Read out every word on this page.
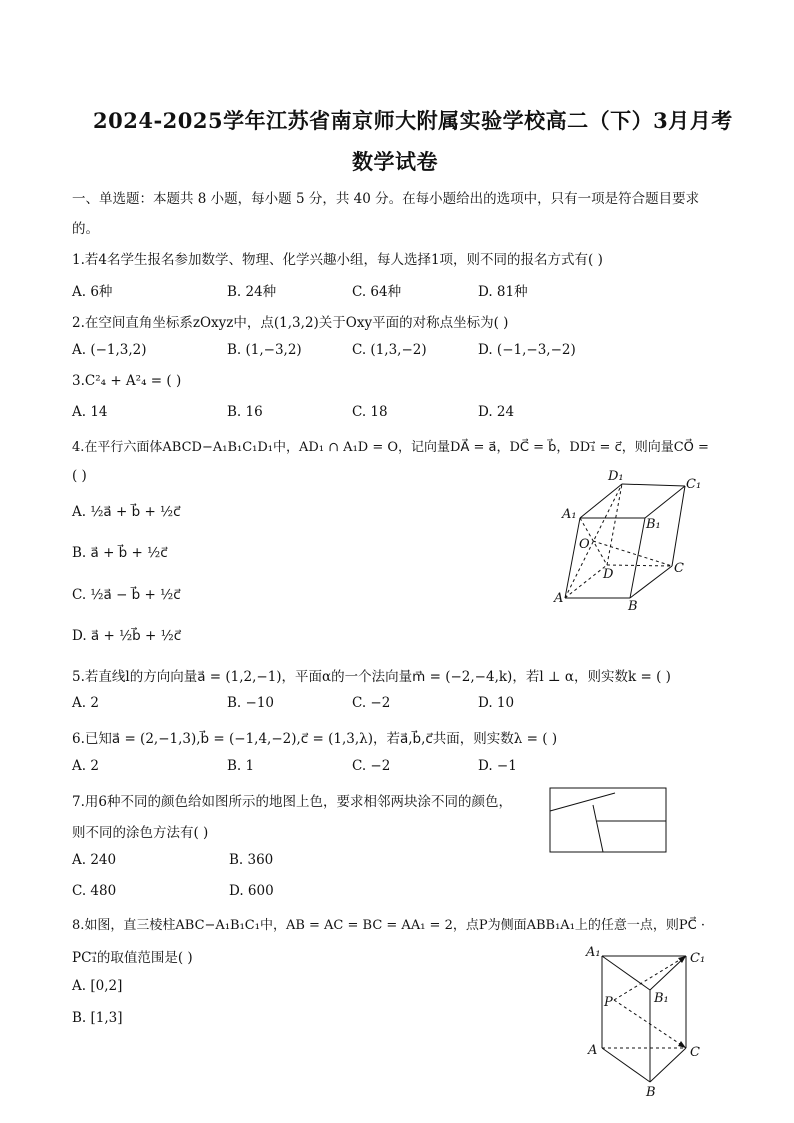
2024-2025学年江苏省南京师大附属实验学校高二（下）3月月考
数学试卷
一、单选题：本题共 8 小题，每小题 5 分，共 40 分。在每小题给出的选项中，只有一项是符合题目要求
的。
1.若4名学生报名参加数学、物理、化学兴趣小组，每人选择1项，则不同的报名方式有( )
A. 6种	B. 24种	C. 64种	D. 81种
2.在空间直角坐标系zOxyz中，点(1,3,2)关于Oxy平面的对称点坐标为( )
A. (−1,3,2)	B. (1,−3,2)	C. (1,3,−2)	D. (−1,−3,−2)
3.C²₄ + A²₄ = ( )
A. 14	B. 16	C. 18	D. 24
4.在平行六面体ABCD−A₁B₁C₁D₁中，AD₁ ∩ A₁D = O，记向量DA⃗ = a⃗，DC⃗ = b⃗，DD₁⃗ = c⃗，则向量CO⃗ =
( )
A. ½a⃗ + b⃗ + ½c⃗
B. a⃗ + b⃗ + ½c⃗
C. ½a⃗ − b⃗ + ½c⃗
D. a⃗ + ½b⃗ + ½c⃗
D₁
C₁
A₁
B₁
O
D	C
A
B
5.若直线l的方向向量a⃗ = (1,2,−1)，平面α的一个法向量m⃗ = (−2,−4,k)，若l ⊥ α，则实数k = ( )
A. 2	B. −10	C. −2	D. 10
6.已知a⃗ = (2,−1,3),b⃗ = (−1,4,−2),c⃗ = (1,3,λ)，若a⃗,b⃗,c⃗共面，则实数λ = ( )
A. 2	B. 1	C. −2	D. −1
7.用6种不同的颜色给如图所示的地图上色，要求相邻两块涂不同的颜色，
则不同的涂色方法有( )
A. 240	B. 360
C. 480	D. 600
8.如图，直三棱柱ABC−A₁B₁C₁中，AB = AC = BC = AA₁ = 2，点P为侧面ABB₁A₁上的任意一点，则PC⃗ ·
PC₁⃗的取值范围是( )
A. [0,2]
B. [1,3]
A₁	C₁
B₁
P
A	C
B
